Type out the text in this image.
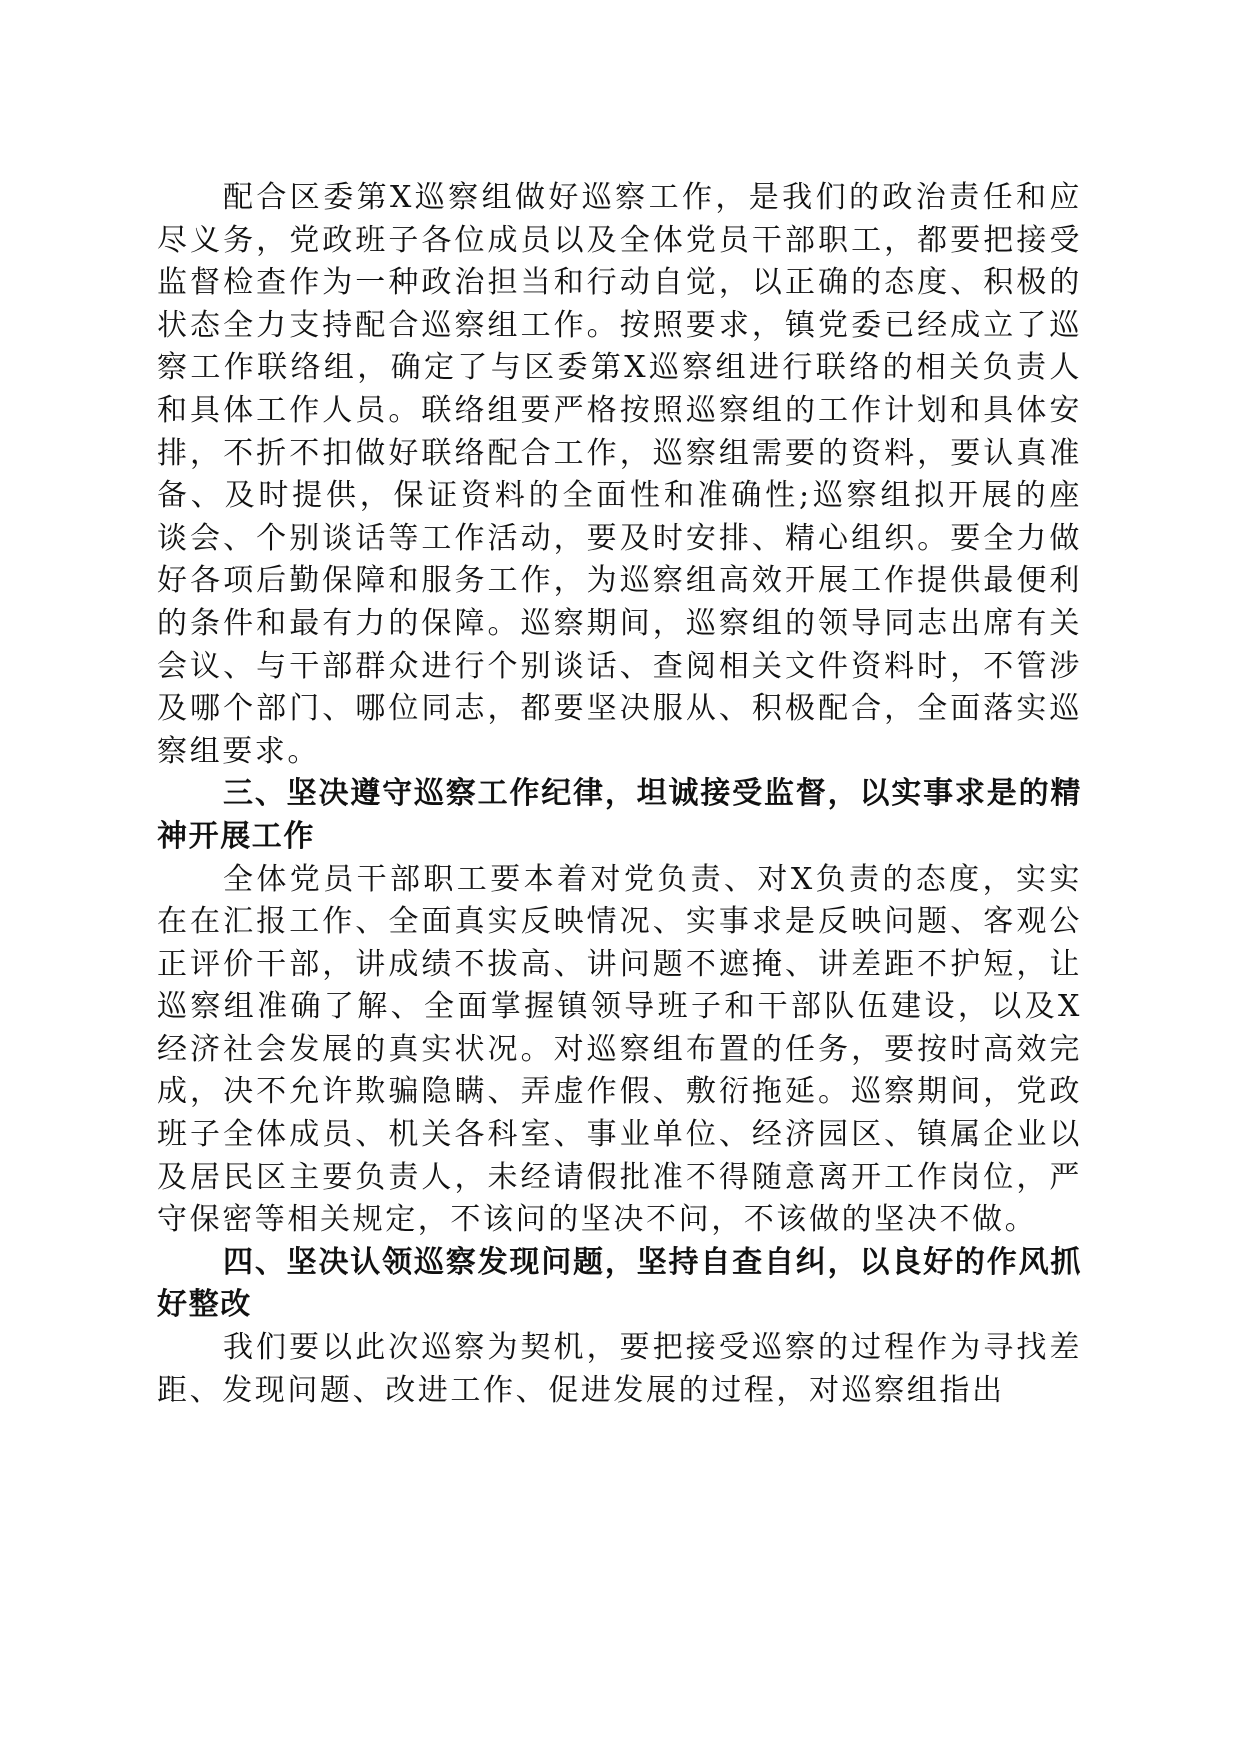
配合区委第X巡察组做好巡察工作，是我们的政治责任和应尽义务，党政班子各位成员以及全体党员干部职工，都要把接受监督检查作为一种政治担当和行动自觉，以正确的态度、积极的状态全力支持配合巡察组工作。按照要求，镇党委已经成立了巡察工作联络组，确定了与区委第X巡察组进行联络的相关负责人和具体工作人员。联络组要严格按照巡察组的工作计划和具体安排，不折不扣做好联络配合工作，巡察组需要的资料，要认真准备、及时提供，保证资料的全面性和准确性;巡察组拟开展的座谈会、个别谈话等工作活动，要及时安排、精心组织。要全力做好各项后勤保障和服务工作，为巡察组高效开展工作提供最便利的条件和最有力的保障。巡察期间，巡察组的领导同志出席有关会议、与干部群众进行个别谈话、查阅相关文件资料时，不管涉及哪个部门、哪位同志，都要坚决服从、积极配合，全面落实巡察组要求。

三、坚决遵守巡察工作纪律，坦诚接受监督，以实事求是的精神开展工作

全体党员干部职工要本着对党负责、对X负责的态度，实实在在汇报工作、全面真实反映情况、实事求是反映问题、客观公正评价干部，讲成绩不拔高、讲问题不遮掩、讲差距不护短，让巡察组准确了解、全面掌握镇领导班子和干部队伍建设，以及X经济社会发展的真实状况。对巡察组布置的任务，要按时高效完成，决不允许欺骗隐瞒、弄虚作假、敷衍拖延。巡察期间，党政班子全体成员、机关各科室、事业单位、经济园区、镇属企业以及居民区主要负责人，未经请假批准不得随意离开工作岗位，严守保密等相关规定，不该问的坚决不问，不该做的坚决不做。

四、坚决认领巡察发现问题，坚持自查自纠，以良好的作风抓好整改

我们要以此次巡察为契机，要把接受巡察的过程作为寻找差距、发现问题、改进工作、促进发展的过程，对巡察组指出
